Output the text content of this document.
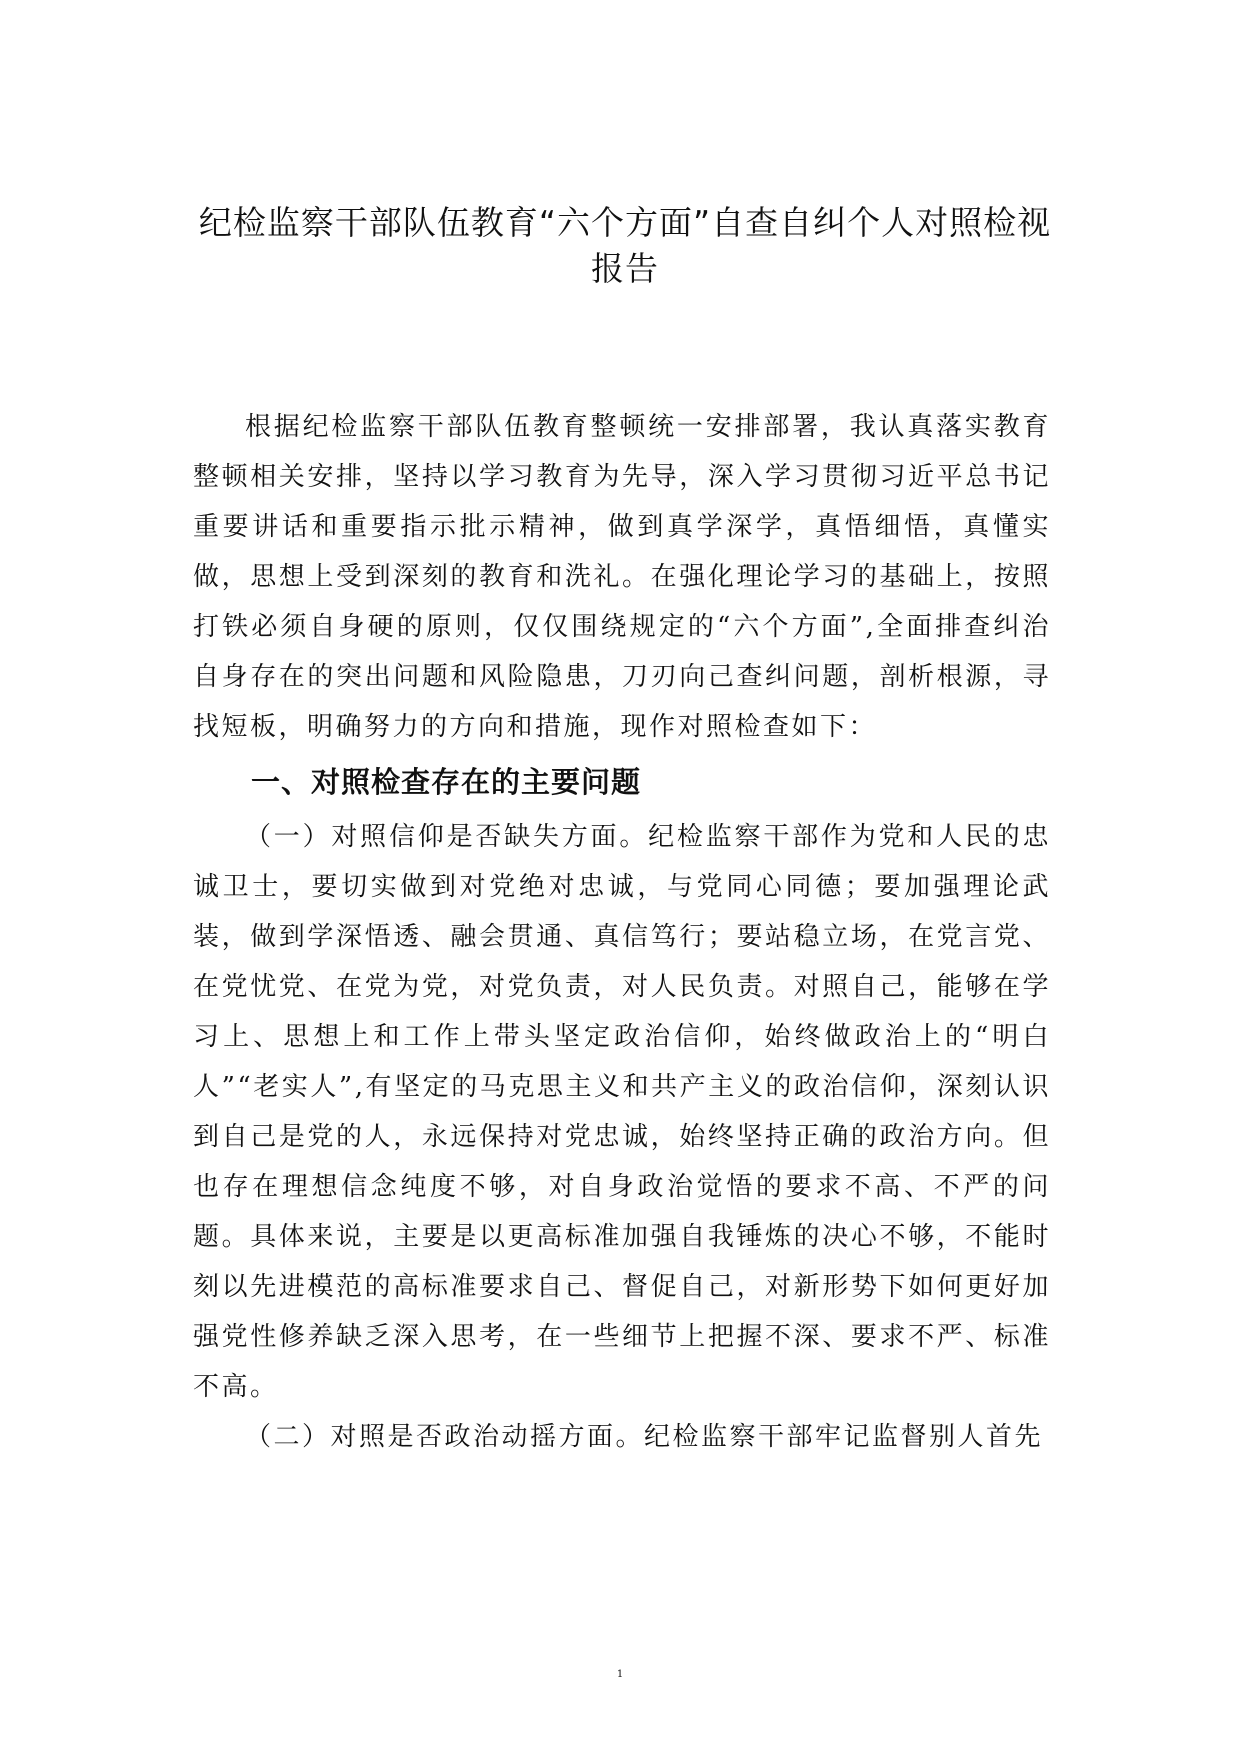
纪检监察干部队伍教育“六个方面”自查自纠个人对照检视报告

根据纪检监察干部队伍教育整顿统一安排部署，我认真落实教育整顿相关安排，坚持以学习教育为先导，深入学习贯彻习近平总书记重要讲话和重要指示批示精神，做到真学深学，真悟细悟，真懂实做，思想上受到深刻的教育和洗礼。在强化理论学习的基础上，按照打铁必须自身硬的原则，仅仅围绕规定的“六个方面”,全面排查纠治自身存在的突出问题和风险隐患，刀刃向己查纠问题，剖析根源，寻找短板，明确努力的方向和措施，现作对照检查如下：

一、对照检查存在的主要问题

（一）对照信仰是否缺失方面。纪检监察干部作为党和人民的忠诚卫士，要切实做到对党绝对忠诚，与党同心同德；要加强理论武装，做到学深悟透、融会贯通、真信笃行；要站稳立场，在党言党、在党忧党、在党为党，对党负责，对人民负责。对照自己，能够在学习上、思想上和工作上带头坚定政治信仰，始终做政治上的“明白人”“老实人”,有坚定的马克思主义和共产主义的政治信仰，深刻认识到自己是党的人，永远保持对党忠诚，始终坚持正确的政治方向。但也存在理想信念纯度不够，对自身政治觉悟的要求不高、不严的问题。具体来说，主要是以更高标准加强自我锤炼的决心不够，不能时刻以先进模范的高标准要求自己、督促自己，对新形势下如何更好加强党性修养缺乏深入思考，在一些细节上把握不深、要求不严、标准不高。

（二）对照是否政治动摇方面。纪检监察干部牢记监督别人首先

1
